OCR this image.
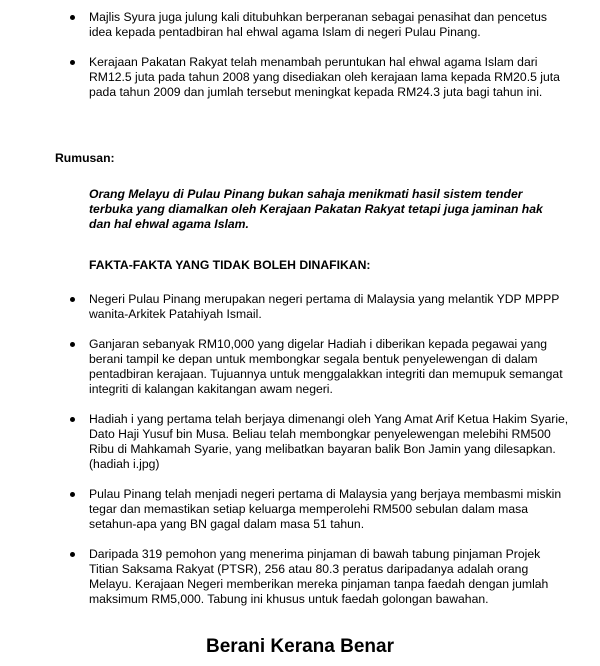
Majlis Syura juga julung kali ditubuhkan berperanan sebagai penasihat dan pencetus idea kepada pentadbiran hal ehwal agama Islam di negeri Pulau Pinang.
Kerajaan Pakatan Rakyat telah menambah peruntukan hal ehwal agama Islam dari RM12.5 juta pada tahun 2008 yang disediakan oleh kerajaan lama kepada RM20.5 juta pada tahun 2009 dan jumlah tersebut meningkat kepada RM24.3 juta bagi tahun ini.
Rumusan:
Orang Melayu di Pulau Pinang bukan sahaja menikmati hasil sistem tender terbuka yang diamalkan oleh Kerajaan Pakatan Rakyat tetapi juga jaminan hak dan hal ehwal agama Islam.
FAKTA-FAKTA YANG TIDAK BOLEH DINAFIKAN:
Negeri Pulau Pinang merupakan negeri pertama di Malaysia yang melantik YDP MPPP wanita-Arkitek Patahiyah Ismail.
Ganjaran sebanyak RM10,000 yang digelar Hadiah i diberikan kepada pegawai yang berani tampil ke depan untuk membongkar segala bentuk penyelewengan di dalam pentadbiran kerajaan. Tujuannya untuk menggalakkan integriti dan memupuk semangat integriti di kalangan kakitangan awam negeri.
Hadiah i yang pertama telah berjaya dimenangi oleh Yang Amat Arif Ketua Hakim Syarie, Dato Haji Yusuf bin Musa. Beliau telah membongkar penyelewengan melebihi RM500 Ribu di Mahkamah Syarie, yang melibatkan bayaran balik Bon Jamin yang dilesapkan. (hadiah i.jpg)
Pulau Pinang telah menjadi negeri pertama di Malaysia yang berjaya membasmi miskin tegar dan memastikan setiap keluarga memperolehi RM500 sebulan dalam masa setahun-apa yang BN gagal dalam masa 51 tahun.
Daripada 319 pemohon yang menerima pinjaman di bawah tabung pinjaman Projek Titian Saksama Rakyat (PTSR), 256 atau 80.3 peratus daripadanya adalah orang Melayu. Kerajaan Negeri memberikan mereka pinjaman tanpa faedah dengan jumlah maksimum RM5,000. Tabung ini khusus untuk faedah golongan bawahan.
Berani Kerana Benar
